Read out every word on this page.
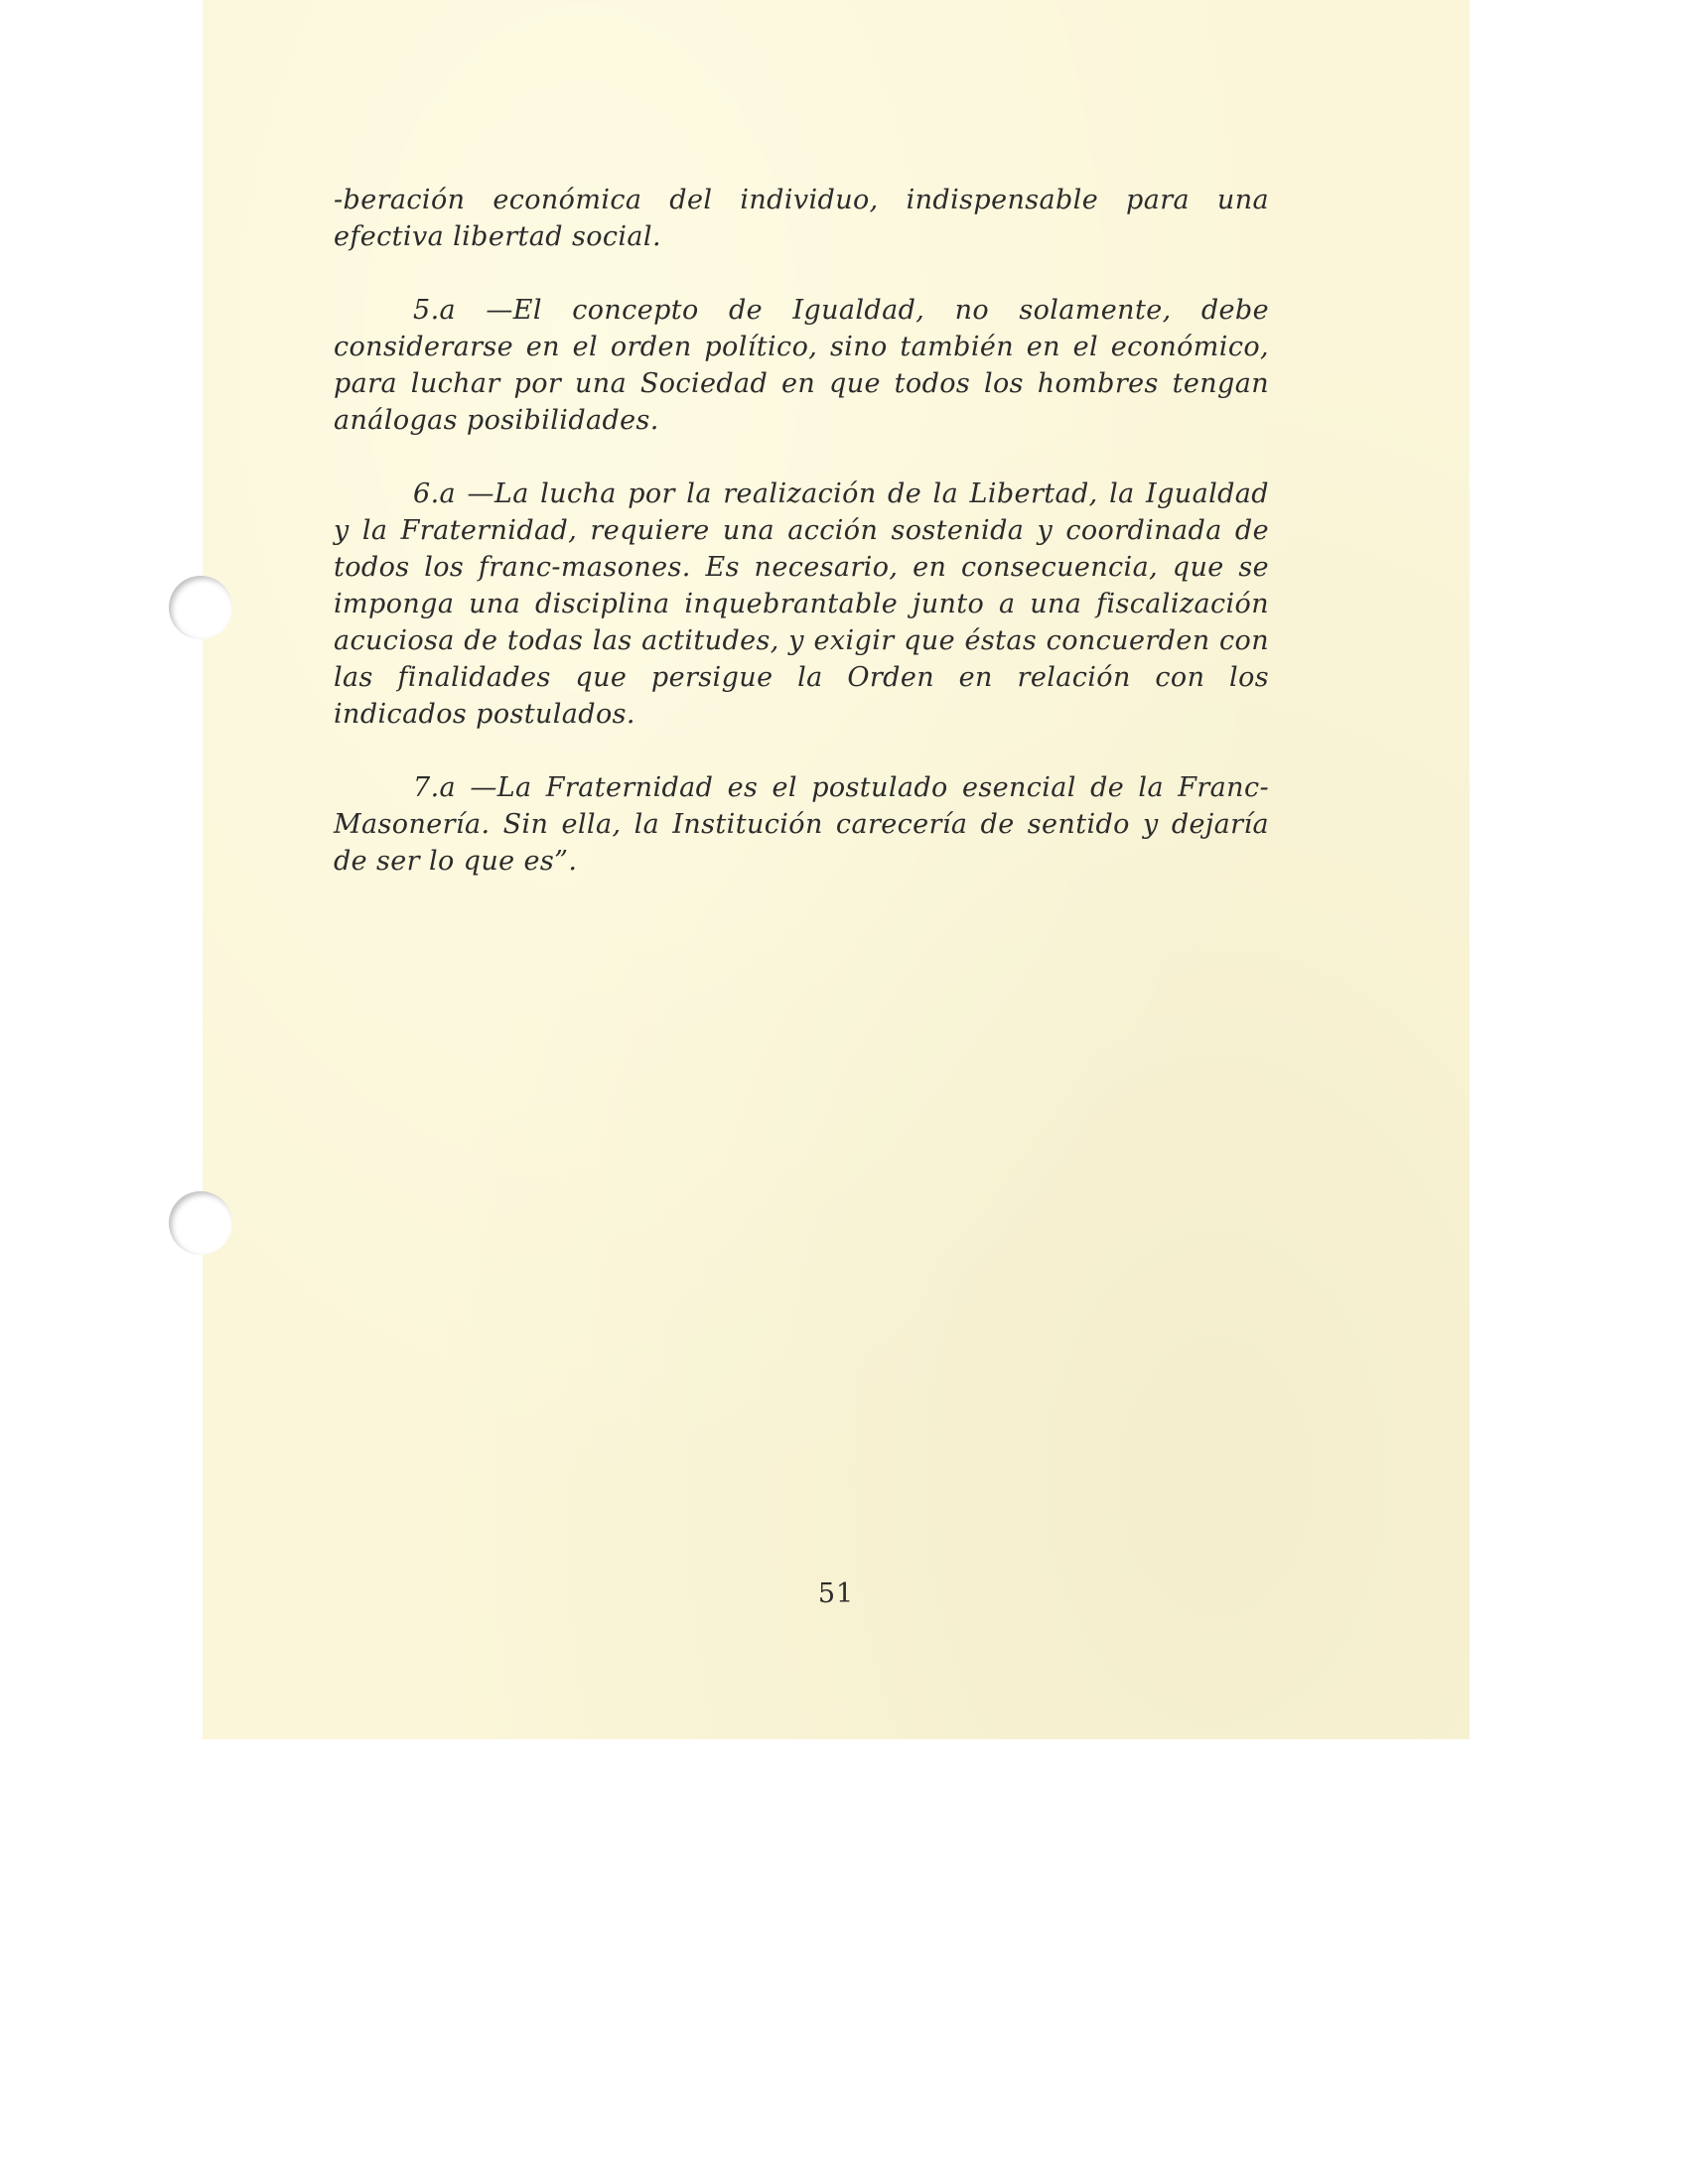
-beración económica del individuo, indispensable para una efectiva libertad social.

5.a —El concepto de Igualdad, no solamente, debe considerarse en el orden político, sino también en el económico, para luchar por una Sociedad en que todos los hombres tengan análogas posibilidades.

6.a —La lucha por la realización de la Libertad, la Igualdad y la Fraternidad, requiere una acción sostenida y coordinada de todos los franc-masones. Es necesario, en consecuencia, que se imponga una disciplina inquebrantable junto a una fiscalización acuciosa de todas las actitudes, y exigir que éstas concuerden con las finalidades que persigue la Orden en relación con los indicados postulados.

7.a —La Fraternidad es el postulado esencial de la Franc-Masonería. Sin ella, la Institución carecería de sentido y dejaría de ser lo que es”.

51
